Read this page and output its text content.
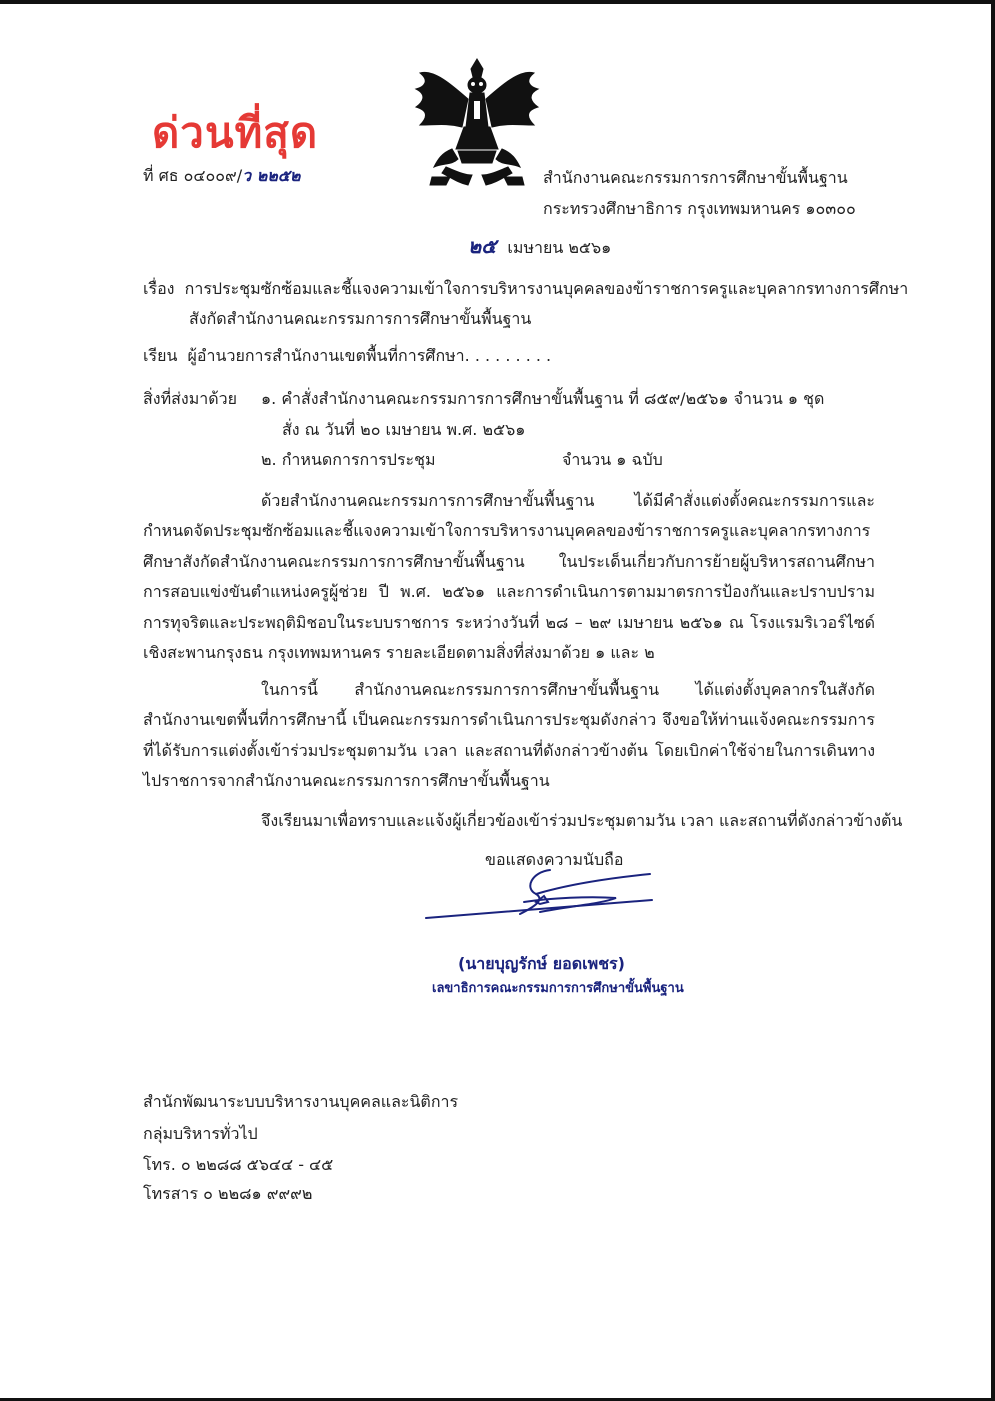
ด่วนที่สุด
ที่ ศธ ๐๔๐๐๙/ว ๒๒๕๒	สำนักงานคณะกรรมการการศึกษาขั้นพื้นฐาน
กระทรวงศึกษาธิการ กรุงเทพมหานคร ๑๐๓๐๐
๒๕ เมษายน ๒๕๖๑
เรื่อง การประชุมซักซ้อมและชี้แจงความเข้าใจการบริหารงานบุคคลของข้าราชการครูและบุคลากรทางการศึกษา
สังกัดสำนักงานคณะกรรมการการศึกษาขั้นพื้นฐาน
เรียน ผู้อำนวยการสำนักงานเขตพื้นที่การศึกษา. . . . . . . . .
สิ่งที่ส่งมาด้วย ๑. คำสั่งสำนักงานคณะกรรมการการศึกษาขั้นพื้นฐาน ที่ ๘๕๙/๒๕๖๑ จำนวน ๑ ชุด
สั่ง ณ วันที่ ๒๐ เมษายน พ.ศ. ๒๕๖๑
๒. กำหนดการการประชุม	จำนวน ๑ ฉบับ
ด้วยสำนักงานคณะกรรมการการศึกษาขั้นพื้นฐาน ได้มีคำสั่งแต่งตั้งคณะกรรมการและกำหนดจัดประชุมซักซ้อมและชี้แจงความเข้าใจการบริหารงานบุคคลของข้าราชการครูและบุคลากรทางการศึกษาสังกัดสำนักงานคณะกรรมการการศึกษาขั้นพื้นฐาน ในประเด็นเกี่ยวกับการย้ายผู้บริหารสถานศึกษา การสอบแข่งขันตำแหน่งครูผู้ช่วย ปี พ.ศ. ๒๕๖๑ และการดำเนินการตามมาตรการป้องกันและปราบปรามการทุจริตและประพฤติมิชอบในระบบราชการ ระหว่างวันที่ ๒๘ – ๒๙ เมษายน ๒๕๖๑ ณ โรงแรมริเวอร์ไซด์ เชิงสะพานกรุงธน กรุงเทพมหานคร รายละเอียดตามสิ่งที่ส่งมาด้วย ๑ และ ๒
ในการนี้ สำนักงานคณะกรรมการการศึกษาขั้นพื้นฐาน ได้แต่งตั้งบุคลากรในสังกัดสำนักงานเขตพื้นที่การศึกษานี้ เป็นคณะกรรมการดำเนินการประชุมดังกล่าว จึงขอให้ท่านแจ้งคณะกรรมการที่ได้รับการแต่งตั้งเข้าร่วมประชุมตามวัน เวลา และสถานที่ดังกล่าวข้างต้น โดยเบิกค่าใช้จ่ายในการเดินทางไปราชการจากสำนักงานคณะกรรมการการศึกษาขั้นพื้นฐาน
จึงเรียนมาเพื่อทราบและแจ้งผู้เกี่ยวข้องเข้าร่วมประชุมตามวัน เวลา และสถานที่ดังกล่าวข้างต้น
ขอแสดงความนับถือ
(นายบุญรักษ์ ยอดเพชร)
เลขาธิการคณะกรรมการการศึกษาขั้นพื้นฐาน
สำนักพัฒนาระบบบริหารงานบุคคลและนิติการ
กลุ่มบริหารทั่วไป
โทร. ๐ ๒๒๘๘ ๕๖๔๔ - ๔๕
โทรสาร ๐ ๒๒๘๑ ๙๙๙๒
